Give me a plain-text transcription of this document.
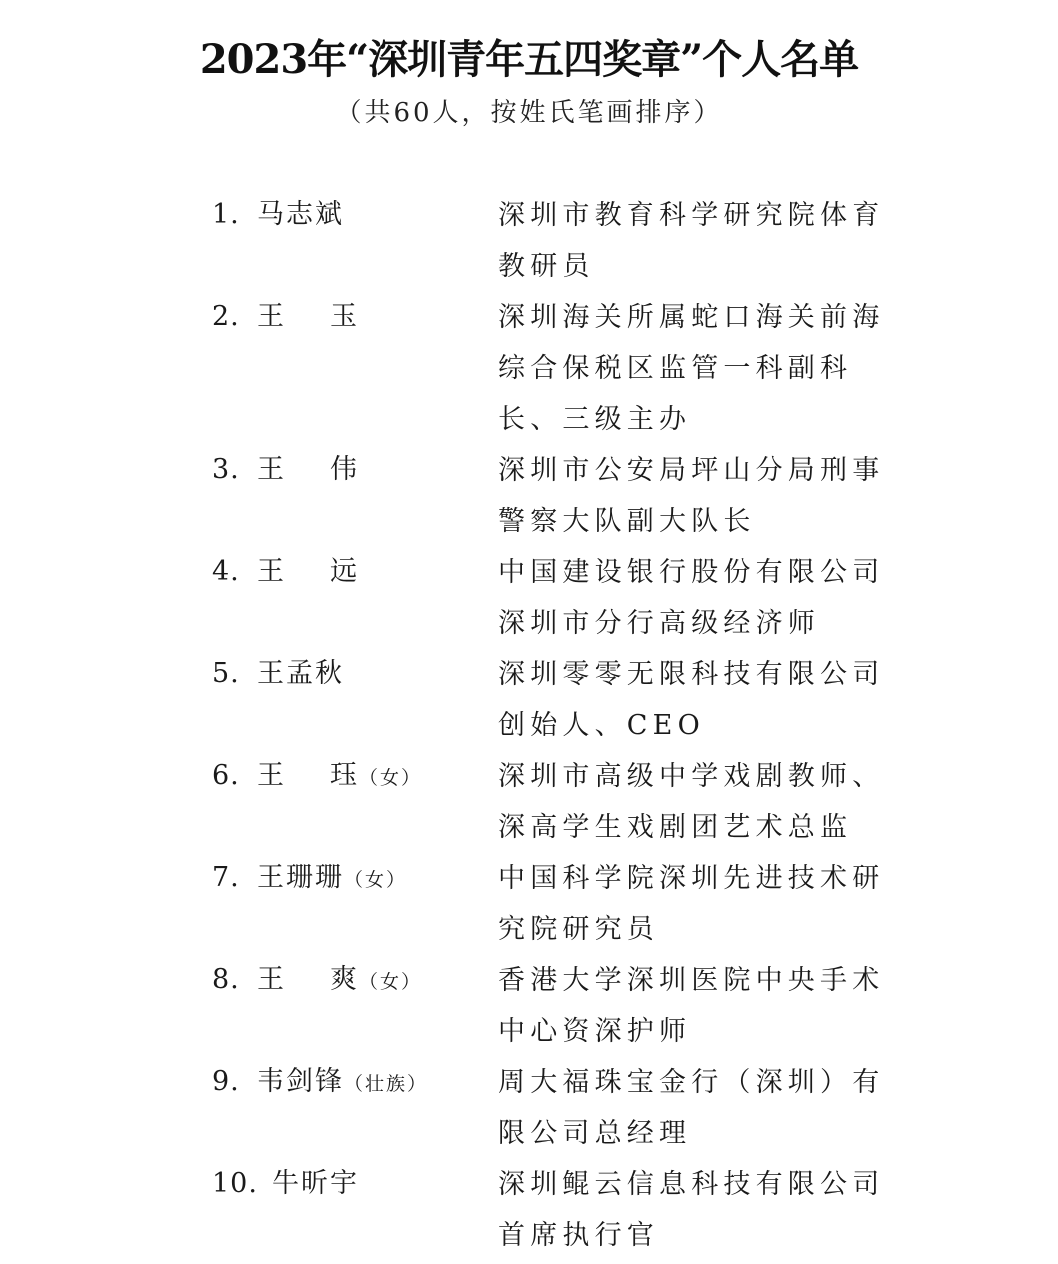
2023年“深圳青年五四奖章”个人名单
（共60人，按姓氏笔画排序）
1. 马志斌	深圳市教育科学研究院体育教研员
2. 王 玉	深圳海关所属蛇口海关前海综合保税区监管一科副科长、三级主办
3. 王 伟	深圳市公安局坪山分局刑事警察大队副大队长
4. 王 远	中国建设银行股份有限公司深圳市分行高级经济师
5. 王孟秋	深圳零零无限科技有限公司创始人、CEO
6. 王 珏（女）	深圳市高级中学戏剧教师、深高学生戏剧团艺术总监
7. 王珊珊（女）	中国科学院深圳先进技术研究院研究员
8. 王 爽（女）	香港大学深圳医院中央手术中心资深护师
9. 韦剑锋（壮族）	周大福珠宝金行（深圳）有限公司总经理
10. 牛昕宇	深圳鲲云信息科技有限公司首席执行官
